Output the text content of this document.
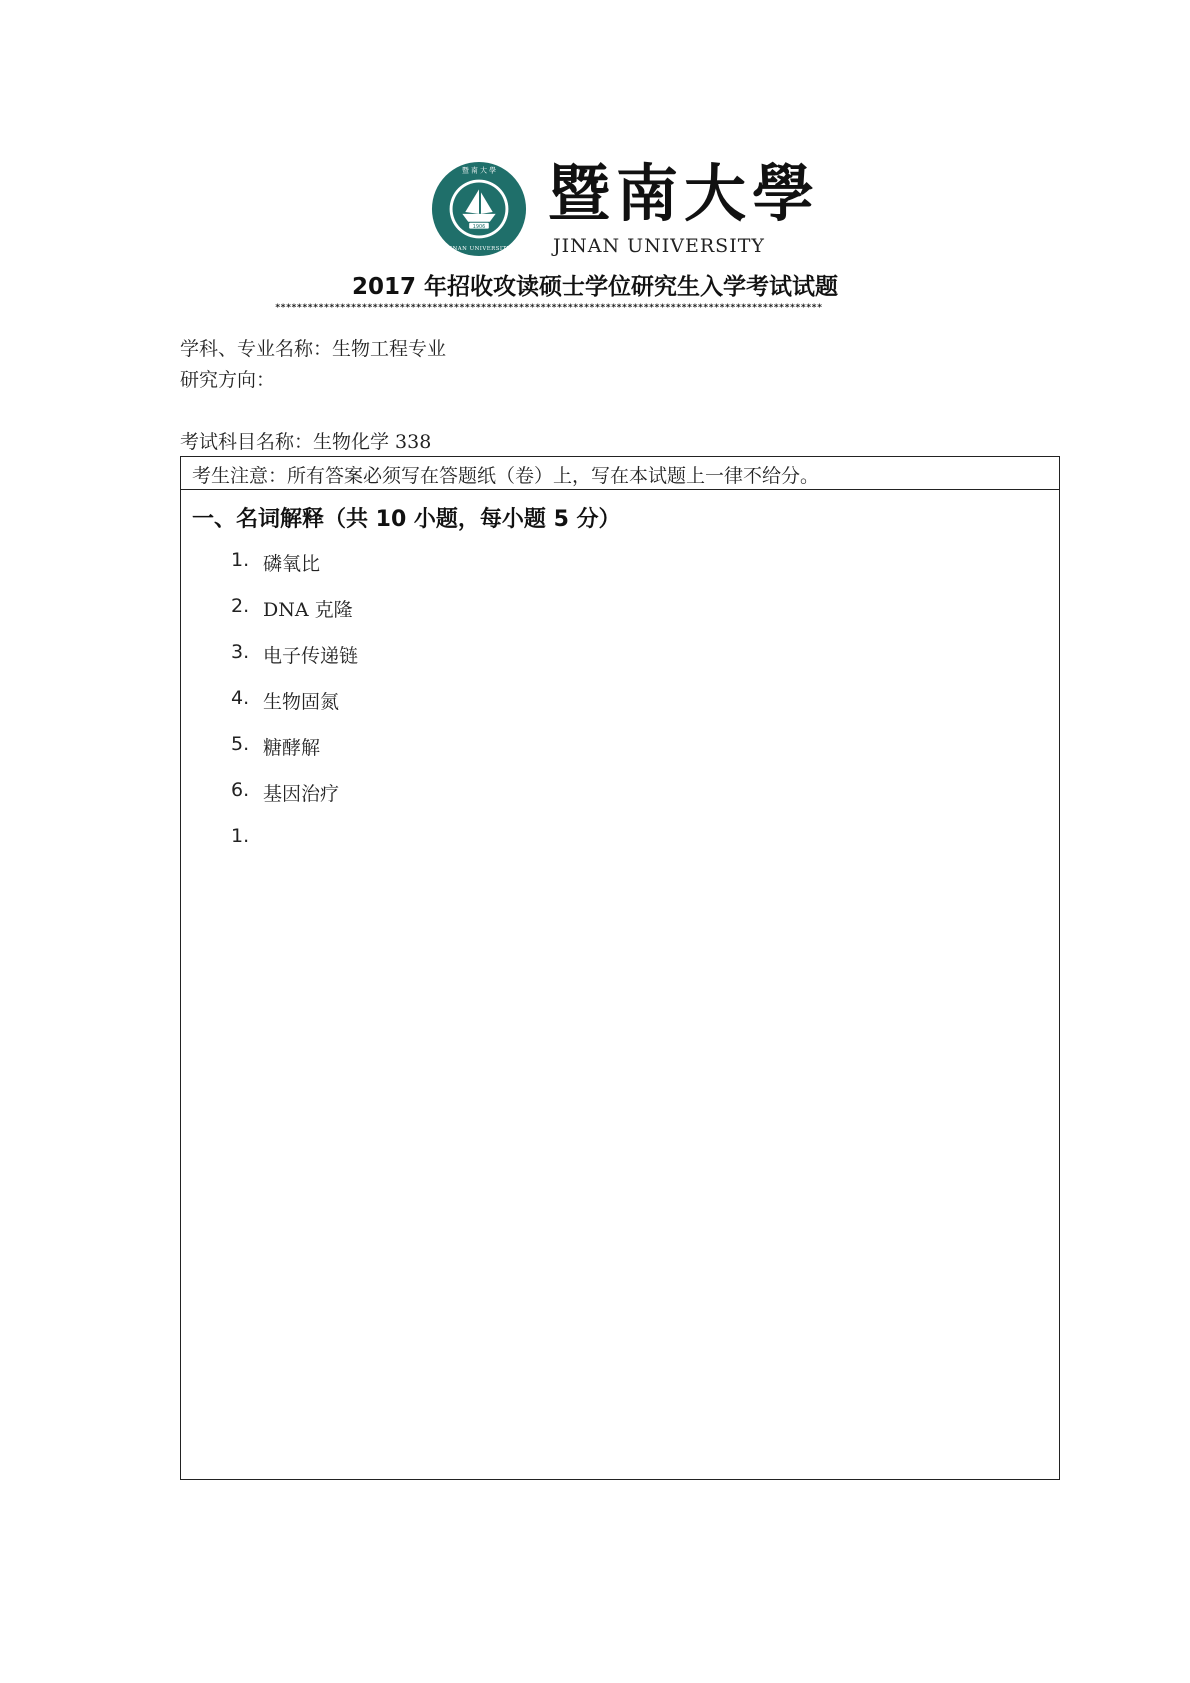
1906
暨 南 大 學
JINAN UNIVERSITY
暨南大學
JINAN UNIVERSITY
2017 年招收攻读硕士学位研究生入学考试试题
*****************************************************************************************************
学科、专业名称：生物工程专业
研究方向：
考试科目名称：生物化学 338
考生注意：所有答案必须写在答题纸（卷）上，写在本试题上一律不给分。
一、名词解释（共 10 小题，每小题 5 分）
1. 磷氧比
2. DNA 克隆
3. 电子传递链
4. 生物固氮
5. 糖酵解
6. 基因治疗
1.
